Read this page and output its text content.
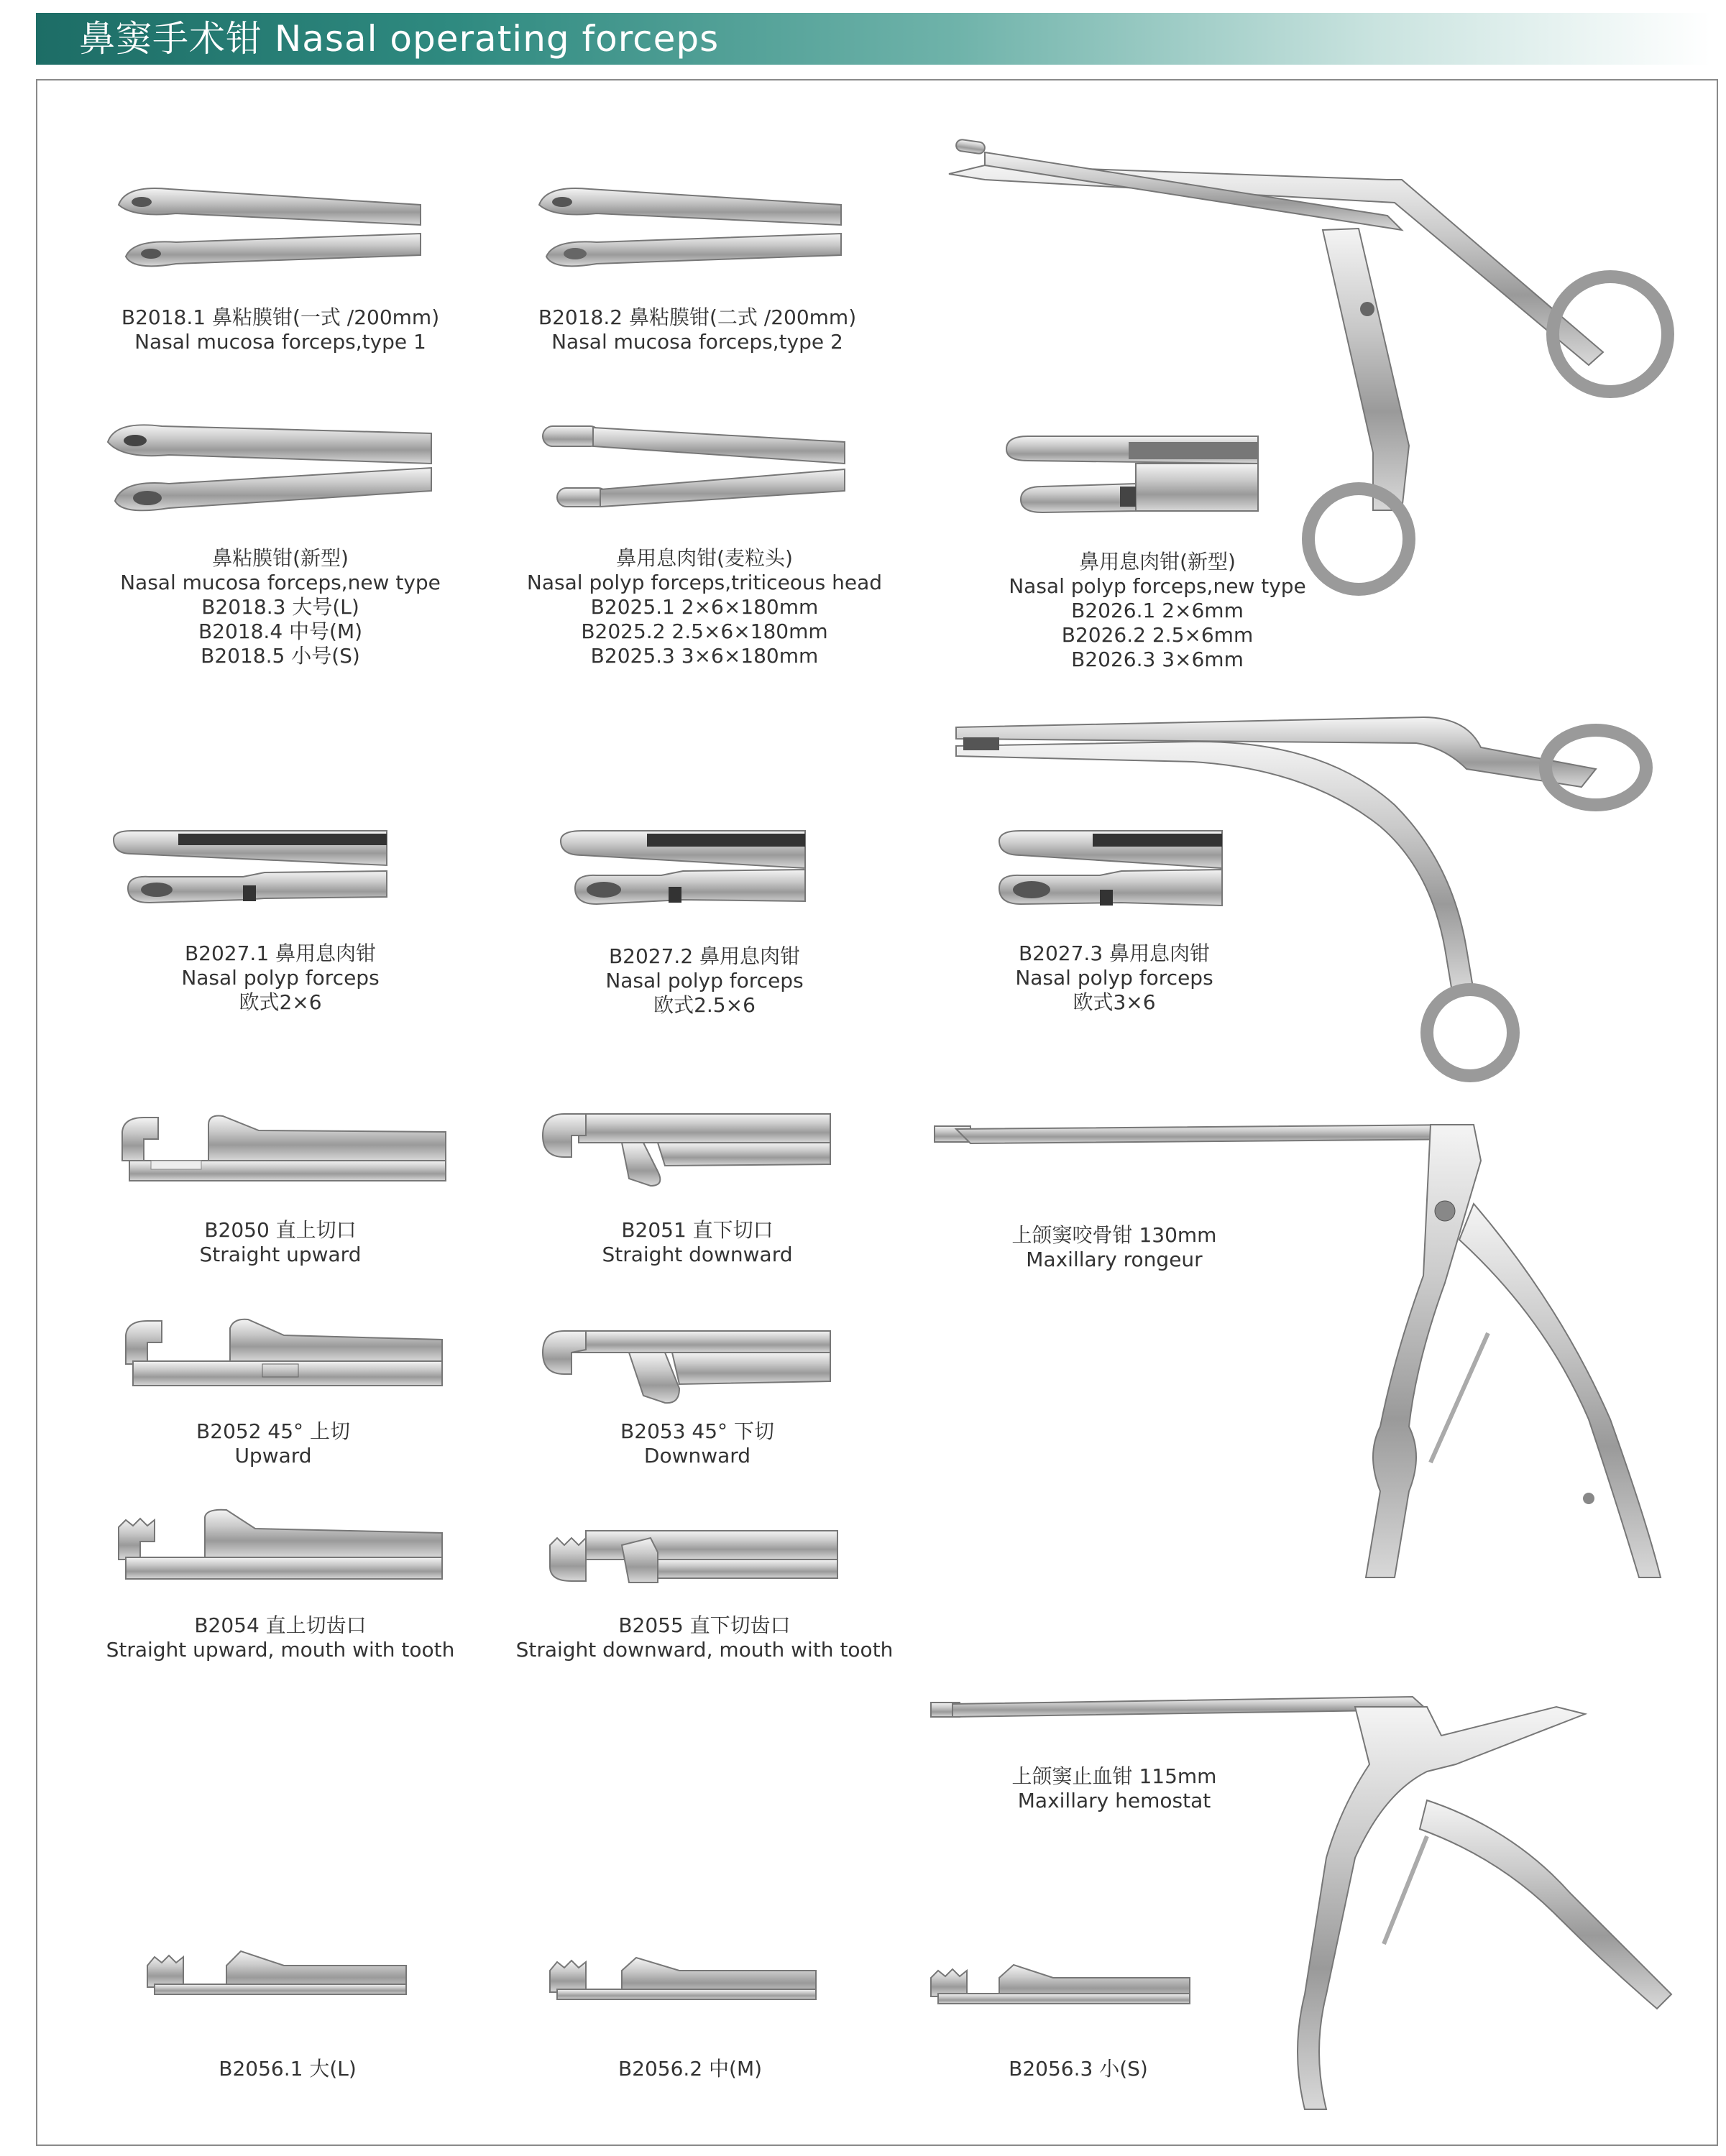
鼻窦手术钳 Nasal operating forceps
B2018.1 鼻粘膜钳(一式 /200mm)
Nasal mucosa forceps,type 1
B2018.2 鼻粘膜钳(二式 /200mm)
Nasal mucosa forceps,type 2
鼻粘膜钳(新型)
Nasal mucosa forceps,new type
B2018.3 大号(L)
B2018.4 中号(M)
B2018.5 小号(S)
鼻用息肉钳(麦粒头)
Nasal polyp forceps,triticeous head
B2025.1 2×6×180mm
B2025.2 2.5×6×180mm
B2025.3 3×6×180mm
鼻用息肉钳(新型)
Nasal polyp forceps,new type
B2026.1 2×6mm
B2026.2 2.5×6mm
B2026.3 3×6mm
B2027.1 鼻用息肉钳
Nasal polyp forceps
欧式2×6
B2027.2 鼻用息肉钳
Nasal polyp forceps
欧式2.5×6
B2027.3 鼻用息肉钳
Nasal polyp forceps
欧式3×6
B2050 直上切口
Straight upward
B2051 直下切口
Straight downward
上颌窦咬骨钳 130mm
Maxillary rongeur
B2052 45° 上切
Upward
B2053 45° 下切
Downward
B2054 直上切齿口
Straight upward, mouth with tooth
B2055 直下切齿口
Straight downward, mouth with tooth
上颌窦止血钳 115mm
Maxillary hemostat
B2056.1 大(L)	B2056.2 中(M)	B2056.3 小(S)
